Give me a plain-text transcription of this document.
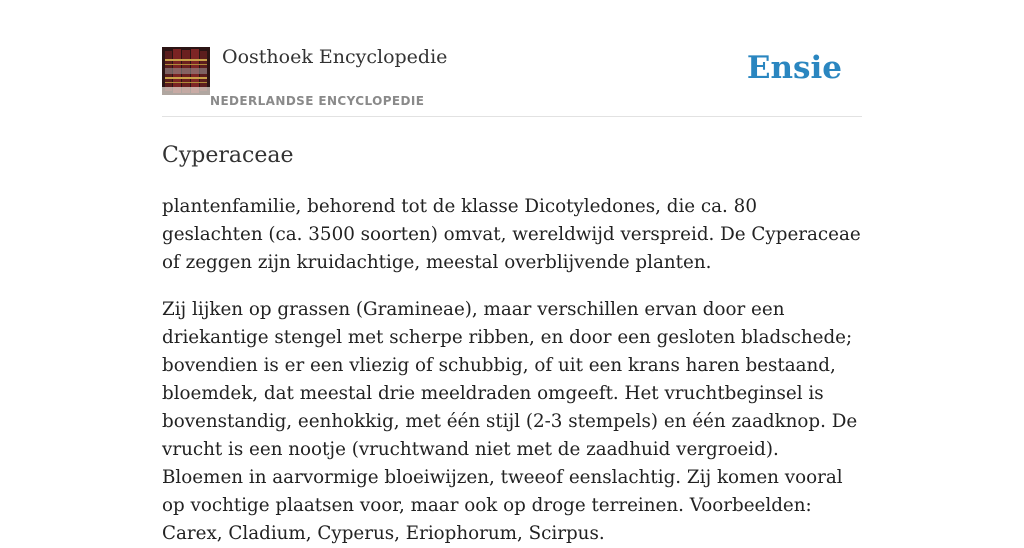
Oosthoek Encyclopedie
NEDERLANDSE ENCYCLOPEDIE
Ensie
Cyperaceae

plantenfamilie, behorend tot de klasse Dicotyledones, die ca. 80 geslachten (ca. 3500 soorten) omvat, wereldwijd verspreid. De Cyperaceae of zeggen zijn kruidachtige, meestal overblijvende planten.

Zij lijken op grassen (Gramineae), maar verschillen ervan door een driekantige stengel met scherpe ribben, en door een gesloten bladschede; bovendien is er een vliezig of schubbig, of uit een krans haren bestaand, bloemdek, dat meestal drie meeldraden omgeeft. Het vruchtbeginsel is bovenstandig, eenhokkig, met één stijl (2-3 stempels) en één zaadknop. De vrucht is een nootje (vruchtwand niet met de zaadhuid vergroeid). Bloemen in aarvormige bloeiwijzen, tweeof eenslachtig. Zij komen vooral op vochtige plaatsen voor, maar ook op droge terreinen. Voorbeelden: Carex, Cladium, Cyperus, Eriophorum, Scirpus.
